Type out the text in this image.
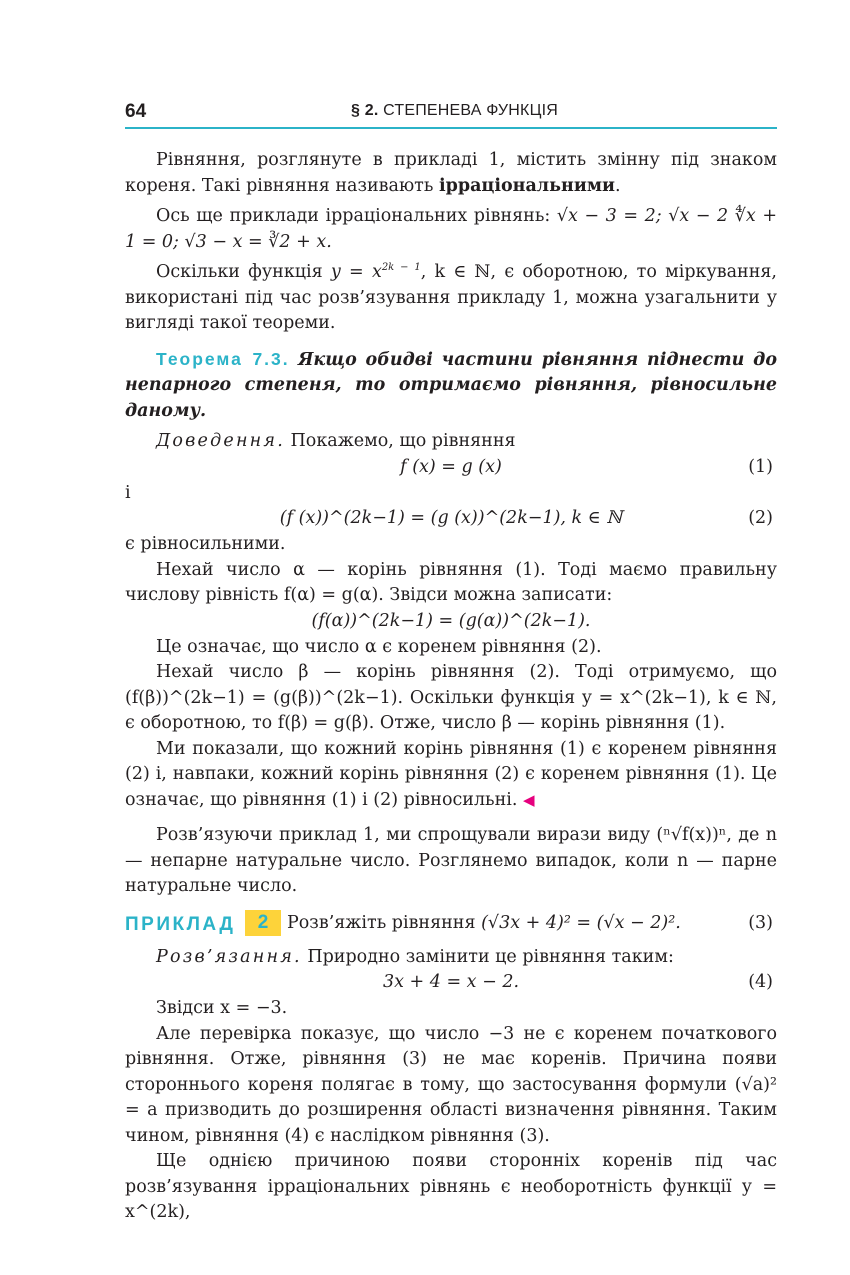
64	§ 2. СТЕПЕНЕВА ФУНКЦІЯ

Рівняння, розглянуте в прикладі 1, містить змінну під знаком кореня. Такі рівняння називають ірраціональними.

Ось ще приклади ірраціональних рівнянь: √x − 3 = 2; √x − 2 ∜x + 1 = 0; √3 − x = ∛2 + x.

Оскільки функція $y = x^{2k - 1}$, k ∈ ℕ, є оборотною, то міркування, використані під час розв’язування прикладу 1, можна узагальнити у вигляді такої теореми.

Теорема 7.3. Якщо обидві частини рівняння піднести до непарного степеня, то отримаємо рівняння, рівносильне даному.

Доведення. Покажемо, що рівняння

f (x) = g (x)	(1)

і

(f (x))^(2k−1) = (g (x))^(2k−1), k ∈ ℕ	(2)

є рівносильними.

Нехай число α — корінь рівняння (1). Тоді маємо правильну числову рівність f(α) = g(α). Звідси можна записати:

(f(α))^(2k−1) = (g(α))^(2k−1).

Це означає, що число α є коренем рівняння (2).

Нехай число β — корінь рівняння (2). Тоді отримуємо, що (f(β))^(2k−1) = (g(β))^(2k−1). Оскільки функція y = x^(2k−1), k ∈ ℕ, є оборотною, то f(β) = g(β). Отже, число β — корінь рівняння (1).

Ми показали, що кожний корінь рівняння (1) є коренем рівняння (2) і, навпаки, кожний корінь рівняння (2) є коренем рівняння (1). Це означає, що рівняння (1) і (2) рівносильні. ◀

Розв’язуючи приклад 1, ми спрощували вирази виду (ⁿ√f(x))ⁿ, де n — непарне натуральне число. Розглянемо випадок, коли n — парне натуральне число.

ПРИКЛАД	2	Розв’яжіть рівняння (√3x + 4)² = (√x − 2)².	(3)

Розв’язання. Природно замінити це рівняння таким:

3x + 4 = x − 2.	(4)

Звідси x = −3.

Але перевірка показує, що число −3 не є коренем початкового рівняння. Отже, рівняння (3) не має коренів. Причина появи стороннього кореня полягає в тому, що застосування формули (√a)² = a призводить до розширення області визначення рівняння. Таким чином, рівняння (4) є наслідком рівняння (3).

Ще однією причиною появи сторонніх коренів під час розв’язування ірраціональних рівнянь є необоротність функції y = x^(2k),
